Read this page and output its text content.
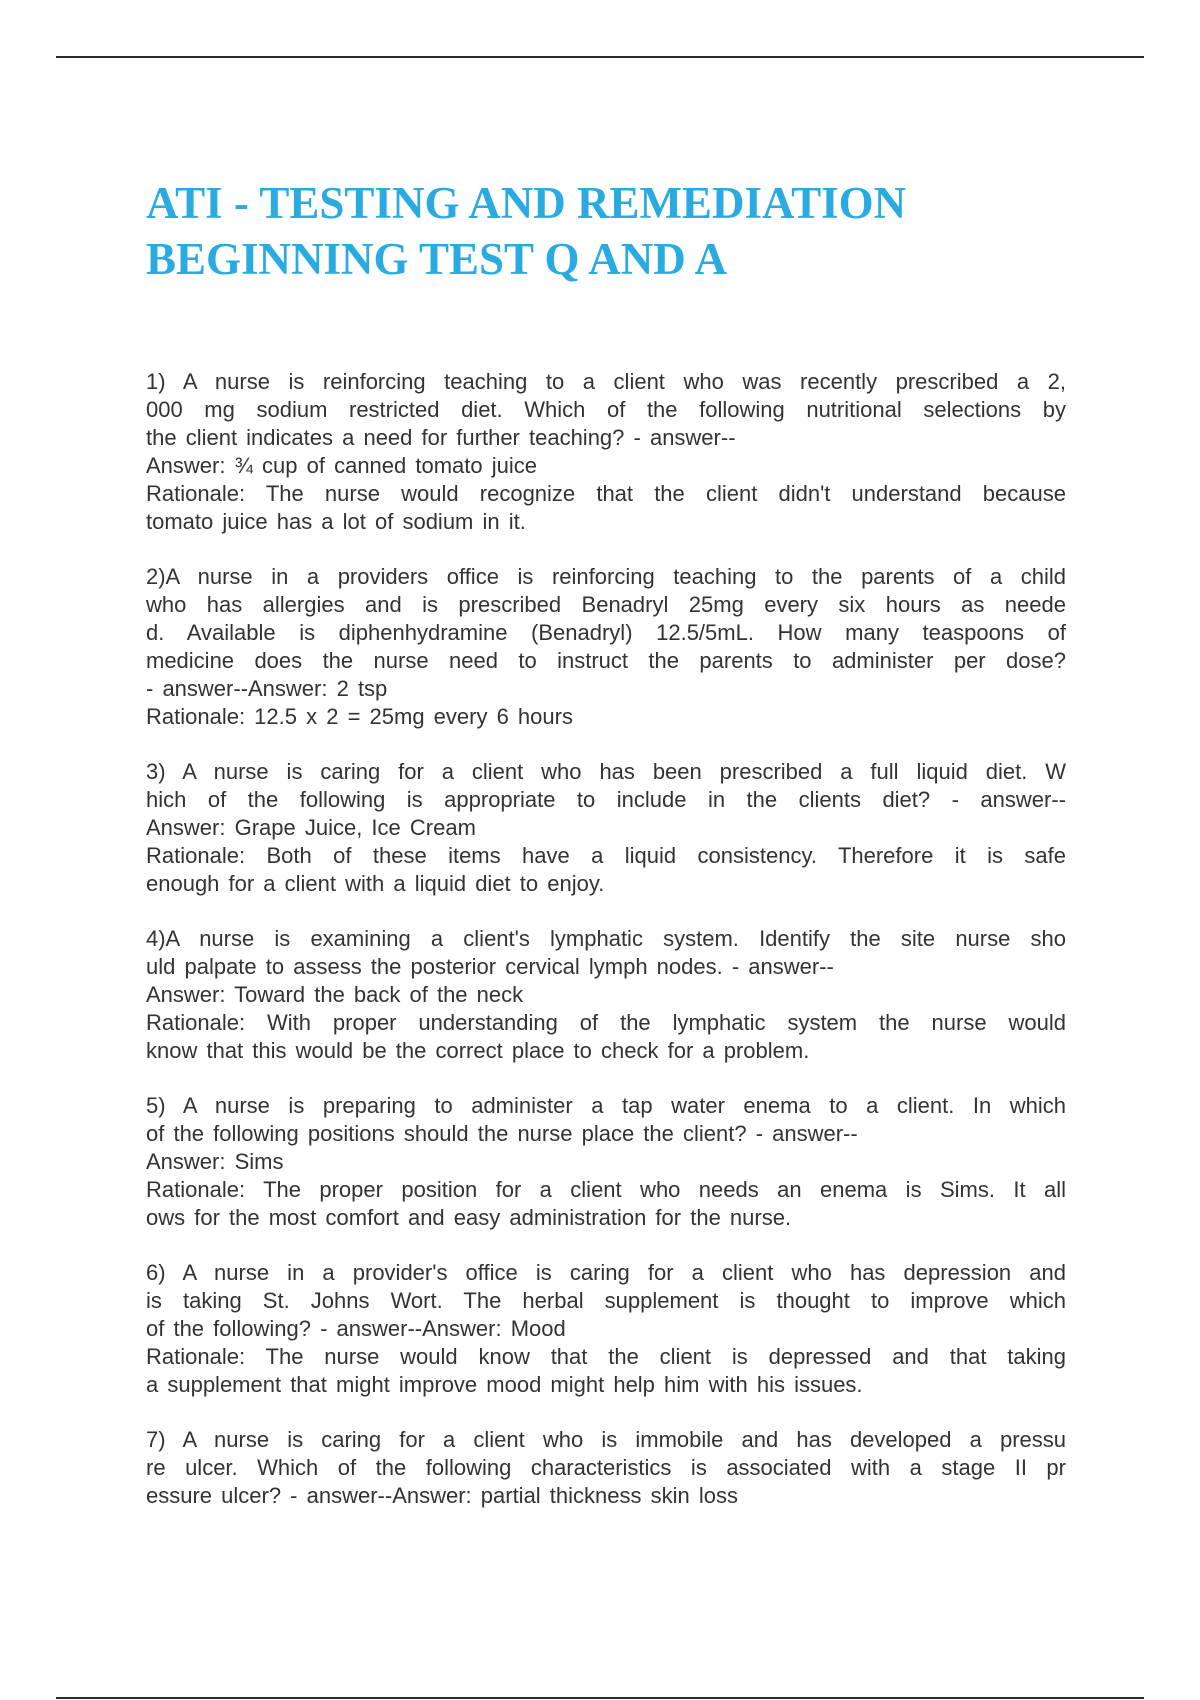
ATI - TESTING AND REMEDIATION
BEGINNING TEST Q AND A
1) A nurse is reinforcing teaching to a client who was recently prescribed a 2,
000 mg sodium restricted diet. Which of the following nutritional selections by
the client indicates a need for further teaching? - answer--
Answer: ¾ cup of canned tomato juice
Rationale: The nurse would recognize that the client didn't understand because
tomato juice has a lot of sodium in it.
2)A nurse in a providers office is reinforcing teaching to the parents of a child
who has allergies and is prescribed Benadryl 25mg every six hours as neede
d. Available is diphenhydramine (Benadryl) 12.5/5mL. How many teaspoons of
medicine does the nurse need to instruct the parents to administer per dose?
- answer--Answer: 2 tsp
Rationale: 12.5 x 2 = 25mg every 6 hours
3) A nurse is caring for a client who has been prescribed a full liquid diet. W
hich of the following is appropriate to include in the clients diet? - answer--
Answer: Grape Juice, Ice Cream
Rationale: Both of these items have a liquid consistency. Therefore it is safe
enough for a client with a liquid diet to enjoy.
4)A nurse is examining a client's lymphatic system. Identify the site nurse sho
uld palpate to assess the posterior cervical lymph nodes. - answer--
Answer: Toward the back of the neck
Rationale: With proper understanding of the lymphatic system the nurse would
know that this would be the correct place to check for a problem.
5) A nurse is preparing to administer a tap water enema to a client. In which
of the following positions should the nurse place the client? - answer--
Answer: Sims
Rationale: The proper position for a client who needs an enema is Sims. It all
ows for the most comfort and easy administration for the nurse.
6) A nurse in a provider's office is caring for a client who has depression and
is taking St. Johns Wort. The herbal supplement is thought to improve which
of the following? - answer--Answer: Mood
Rationale: The nurse would know that the client is depressed and that taking
a supplement that might improve mood might help him with his issues.
7) A nurse is caring for a client who is immobile and has developed a pressu
re ulcer. Which of the following characteristics is associated with a stage II pr
essure ulcer? - answer--Answer: partial thickness skin loss
